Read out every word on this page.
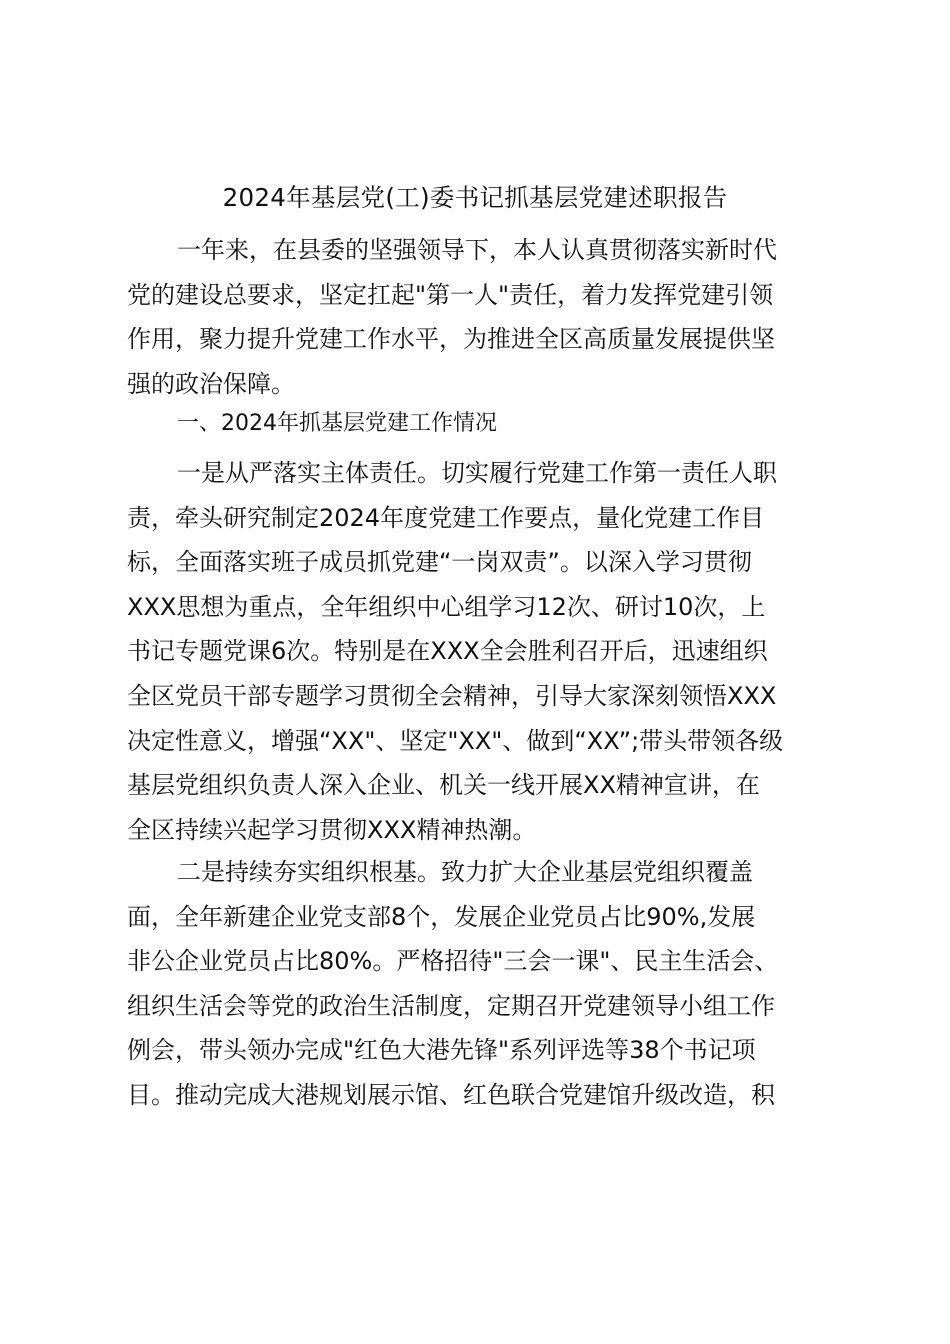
2024年基层党(工)委书记抓基层党建述职报告
一年来，在县委的坚强领导下，本人认真贯彻落实新时代
党的建设总要求，坚定扛起"第一人"责任，着力发挥党建引领
作用，聚力提升党建工作水平，为推进全区高质量发展提供坚
强的政治保障。
一、2024年抓基层党建工作情况
一是从严落实主体责任。切实履行党建工作第一责任人职
责，牵头研究制定2024年度党建工作要点，量化党建工作目
标，全面落实班子成员抓党建“一岗双责”。以深入学习贯彻
XXX思想为重点，全年组织中心组学习12次、研讨10次，上
书记专题党课6次。特别是在XXX全会胜利召开后，迅速组织
全区党员干部专题学习贯彻全会精神，引导大家深刻领悟XXX
决定性意义，增强“XX"、坚定"XX"、做到“XX”;带头带领各级
基层党组织负责人深入企业、机关一线开展XX精神宣讲，在
全区持续兴起学习贯彻XXX精神热潮。
二是持续夯实组织根基。致力扩大企业基层党组织覆盖
面，全年新建企业党支部8个，发展企业党员占比90%,发展
非公企业党员占比80%。严格招待"三会一课"、民主生活会、
组织生活会等党的政治生活制度，定期召开党建领导小组工作
例会，带头领办完成"红色大港先锋"系列评选等38个书记项
目。推动完成大港规划展示馆、红色联合党建馆升级改造，积
